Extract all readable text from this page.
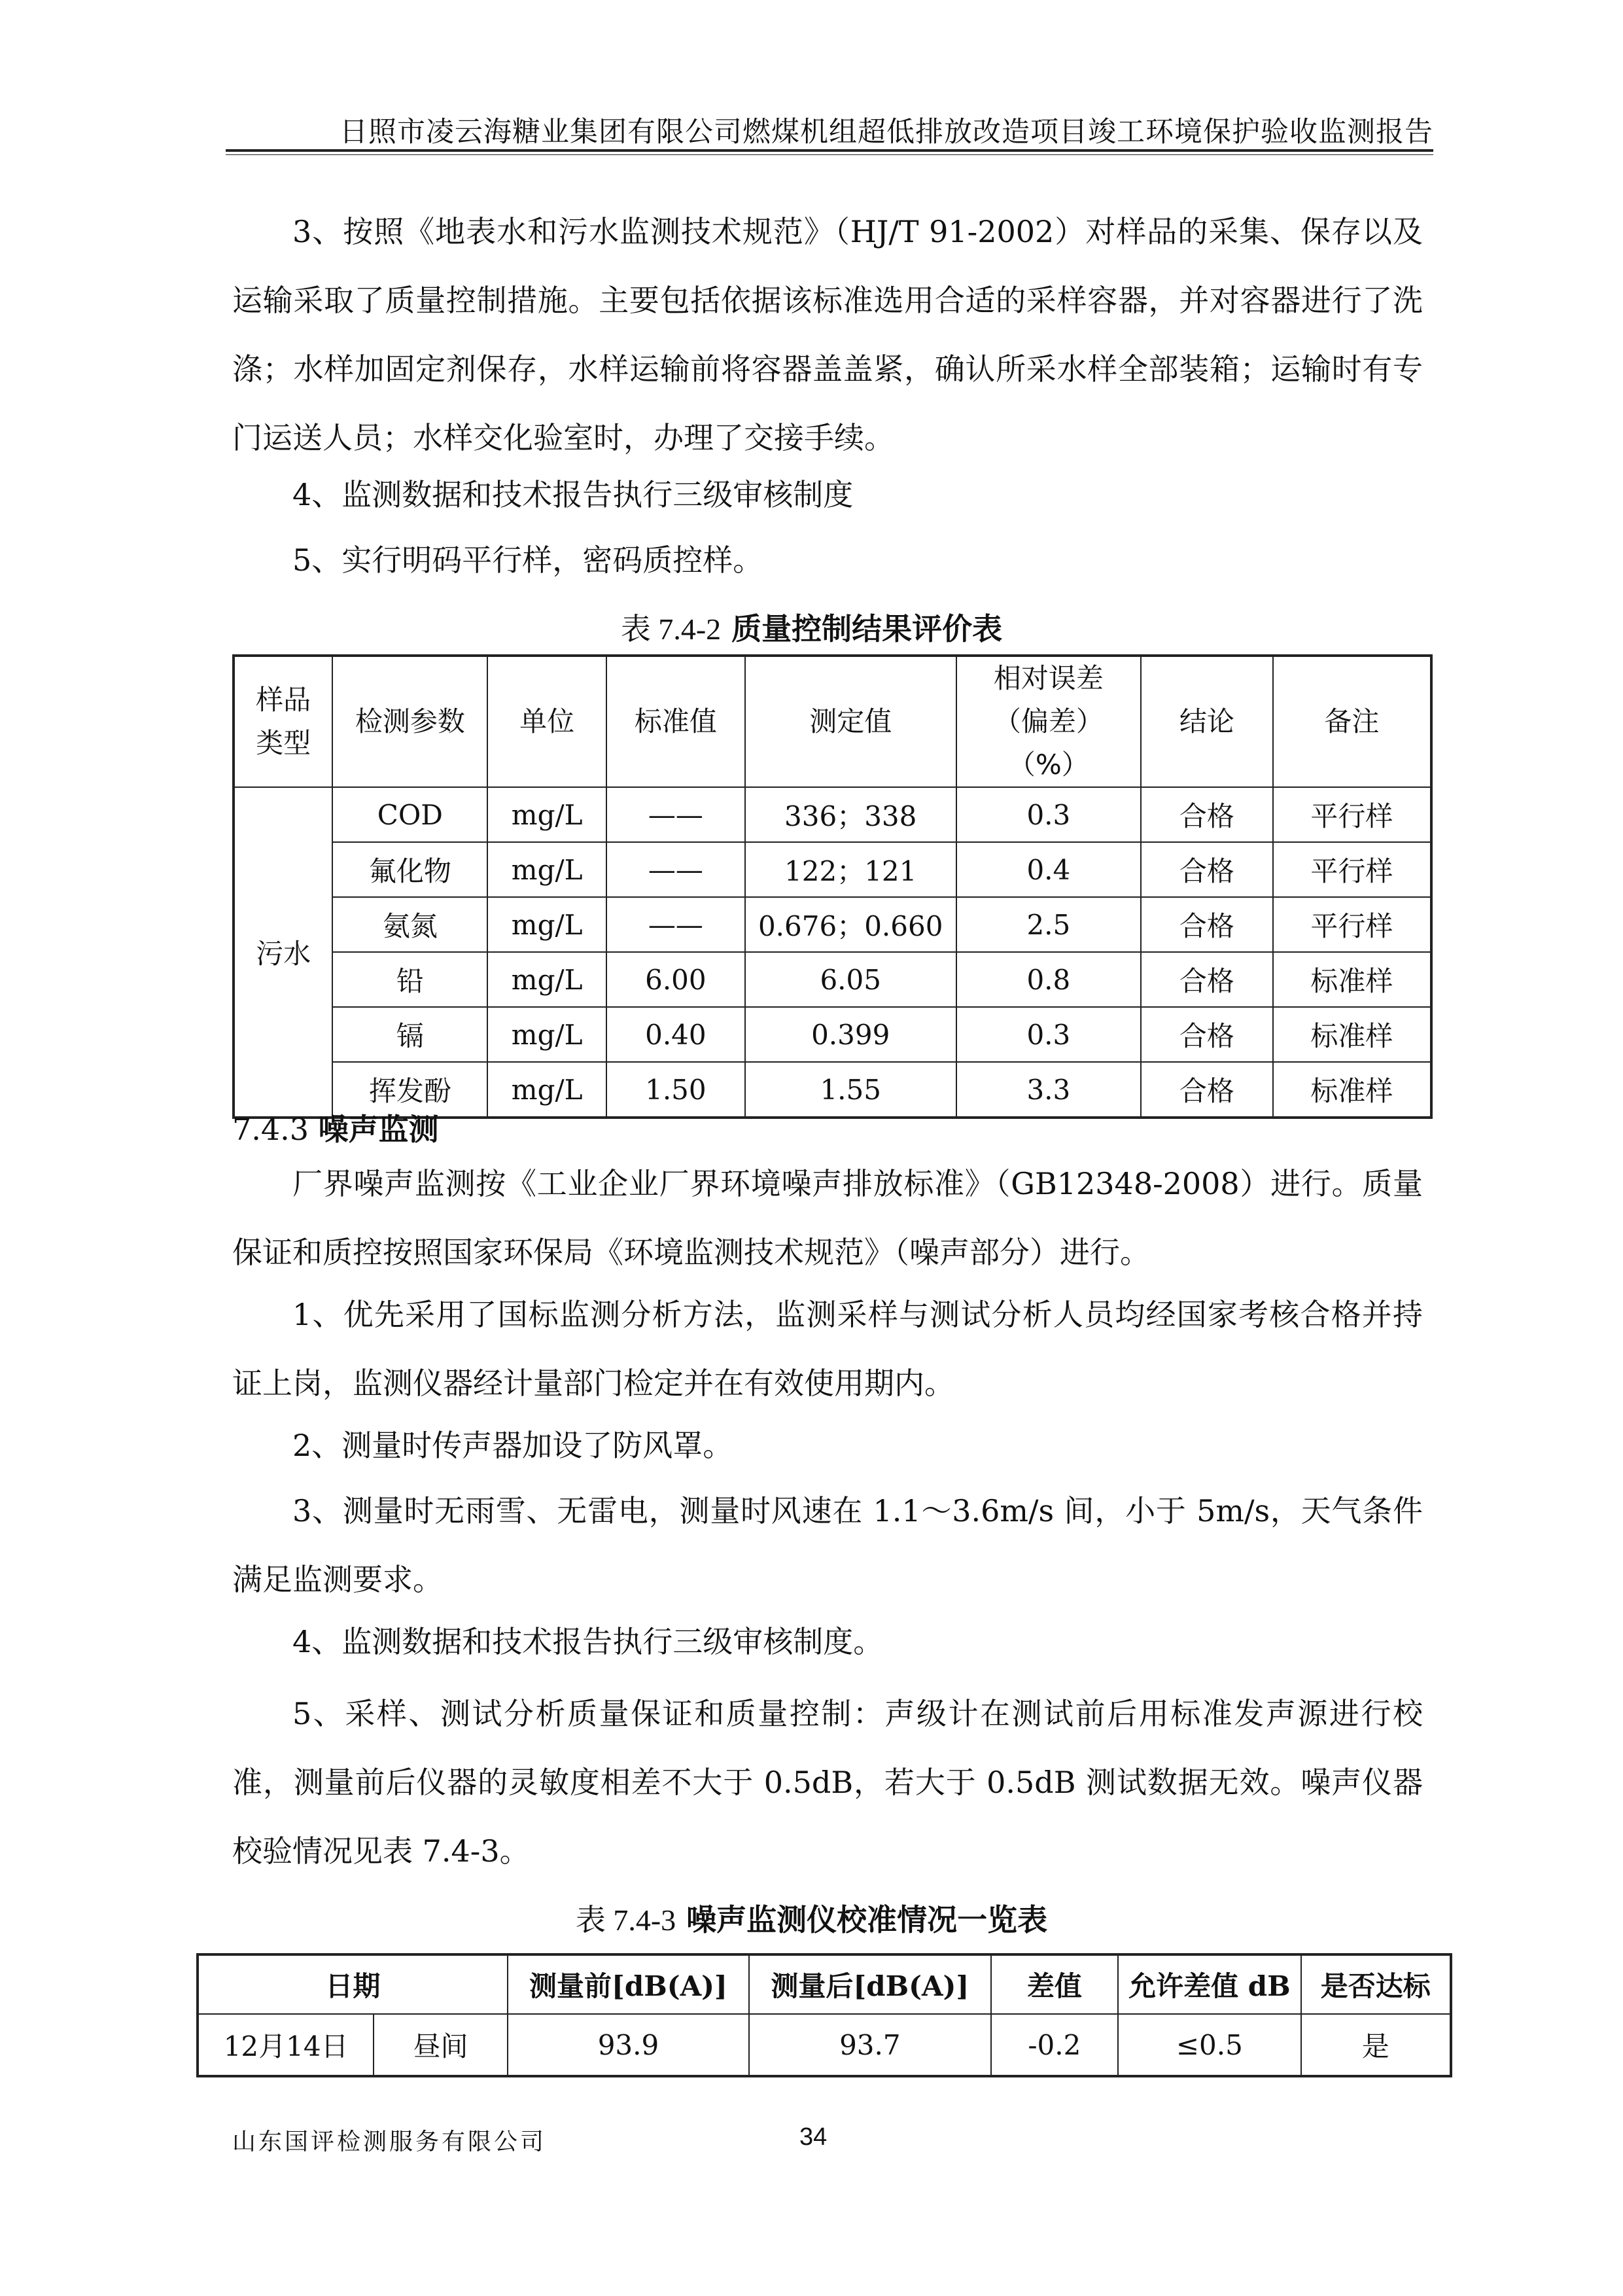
日照市凌云海糖业集团有限公司燃煤机组超低排放改造项目竣工环境保护验收监测报告

3、按照《地表水和污水监测技术规范》（HJ/T 91-2002）对样品的采集、保存以及运输采取了质量控制措施。主要包括依据该标准选用合适的采样容器，并对容器进行了洗涤；水样加固定剂保存，水样运输前将容器盖盖紧，确认所采水样全部装箱；运输时有专门运送人员；水样交化验室时，办理了交接手续。

4、监测数据和技术报告执行三级审核制度

5、实行明码平行样，密码质控样。

表 7.4-2 质量控制结果评价表
样品类型	检测参数	单位	标准值	测定值	相对误差（偏差）（%）	结论	备注
污水	COD	mg/L	——	336；338	0.3	合格	平行样
	氟化物	mg/L	——	122；121	0.4	合格	平行样
	氨氮	mg/L	——	0.676；0.660	2.5	合格	平行样
	铅	mg/L	6.00	6.05	0.8	合格	标准样
	镉	mg/L	0.40	0.399	0.3	合格	标准样
	挥发酚	mg/L	1.50	1.55	3.3	合格	标准样
7.4.3 噪声监测

厂界噪声监测按《工业企业厂界环境噪声排放标准》（GB12348-2008）进行。质量保证和质控按照国家环保局《环境监测技术规范》（噪声部分）进行。

1、优先采用了国标监测分析方法，监测采样与测试分析人员均经国家考核合格并持证上岗，监测仪器经计量部门检定并在有效使用期内。

2、测量时传声器加设了防风罩。

3、测量时无雨雪、无雷电，测量时风速在 1.1～3.6m/s 间，小于 5m/s，天气条件满足监测要求。

4、监测数据和技术报告执行三级审核制度。

5、采样、测试分析质量保证和质量控制：声级计在测试前后用标准发声源进行校准，测量前后仪器的灵敏度相差不大于 0.5dB，若大于 0.5dB 测试数据无效。噪声仪器校验情况见表 7.4-3。

表 7.4-3 噪声监测仪校准情况一览表
日期		测量前[dB(A)]	测量后[dB(A)]	差值	允许差值 dB	是否达标
12月14日	昼间	93.9	93.7	-0.2	≤0.5	是
山东国评检测服务有限公司	34
